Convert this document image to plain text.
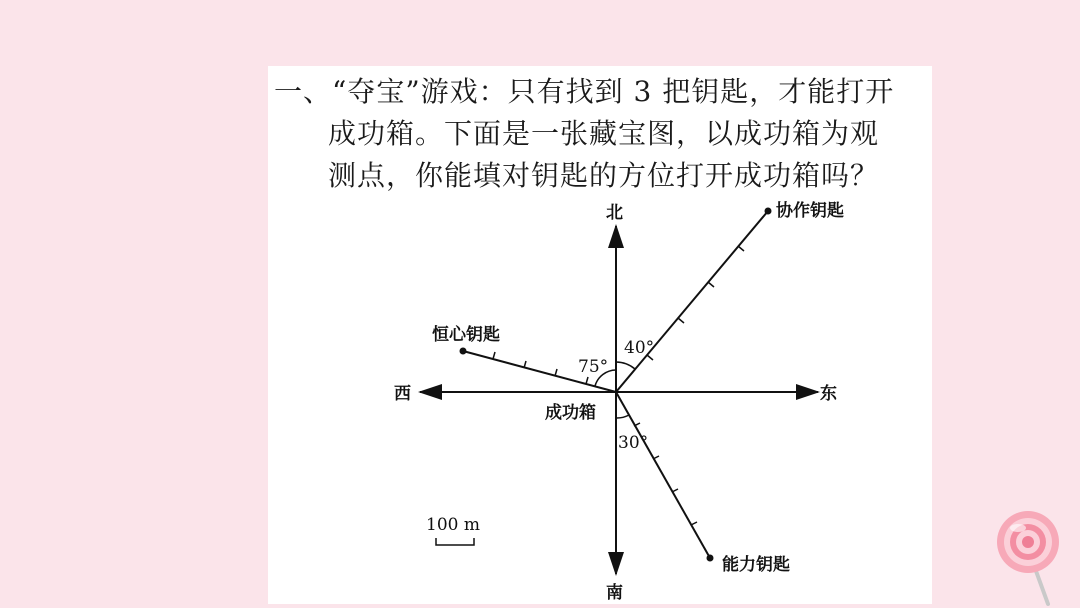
一、“夺宝”游戏：只有找到 3 把钥匙，才能打开
成功箱。下面是一张藏宝图，以成功箱为观
测点，你能填对钥匙的方位打开成功箱吗？
北
南
东
西
成功箱
协作钥匙
恒心钥匙
能力钥匙
40°
75°
30°
100 m
